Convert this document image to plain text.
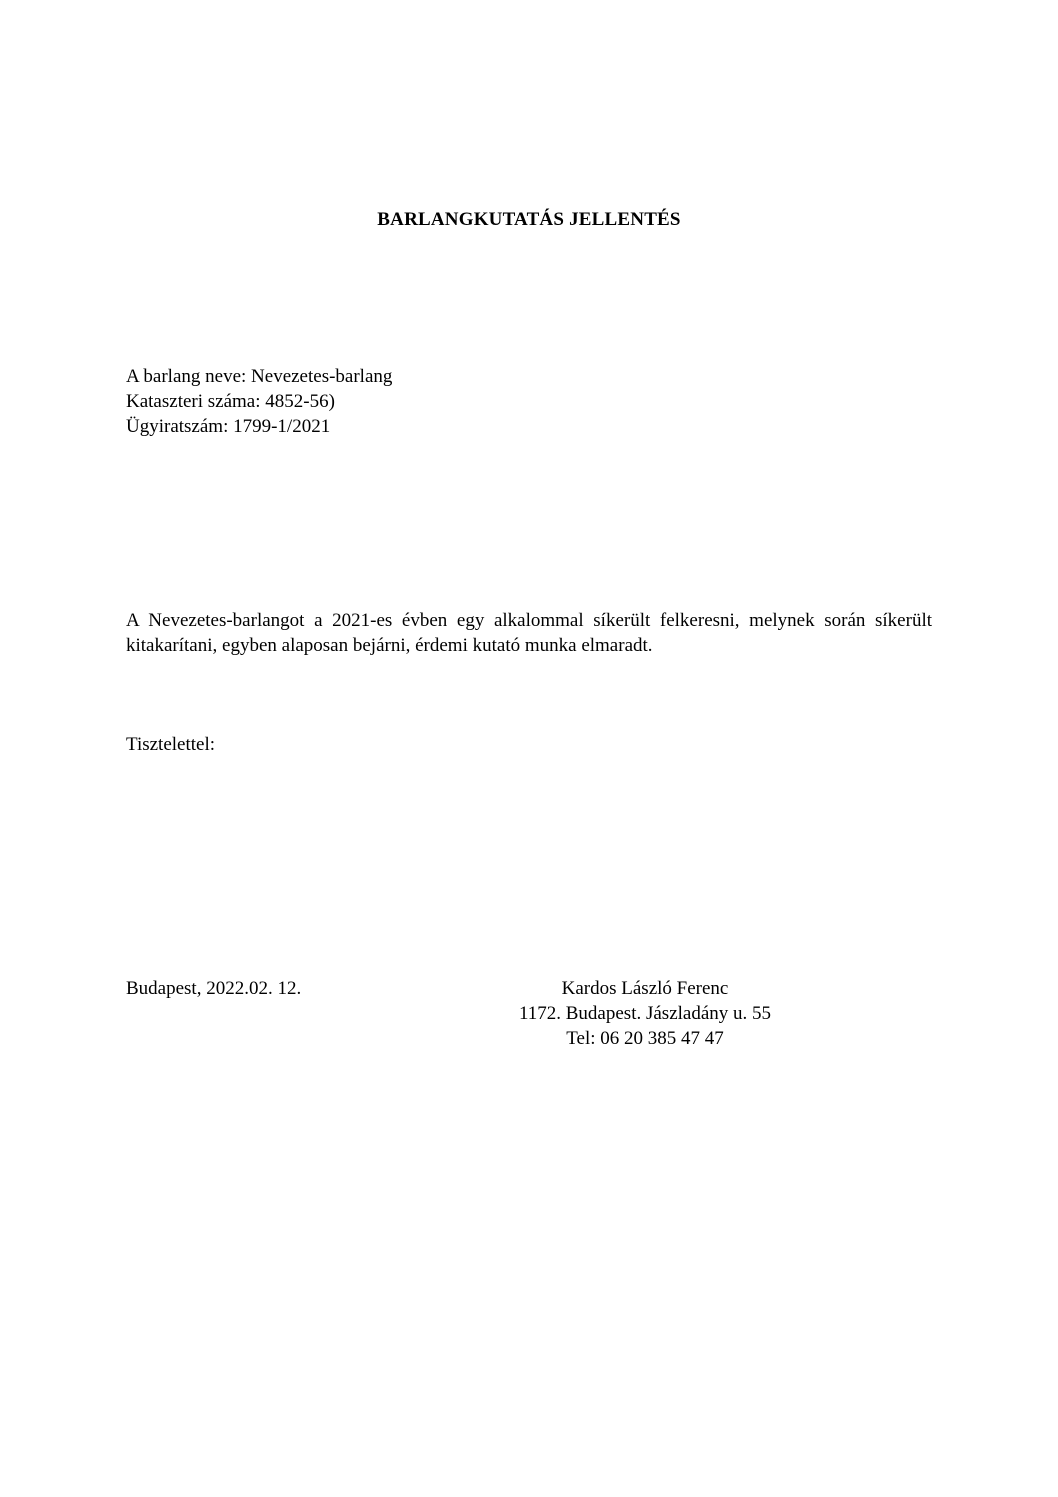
BARLANGKUTATÁS JELLENTÉS
A barlang neve: Nevezetes-barlang
Kataszteri száma: 4852-56)
Ügyiratszám: 1799-1/2021
A Nevezetes-barlangot a 2021-es évben egy alkalommal síkerült felkeresni, melynek során síkerült kitakarítani, egyben alaposan bejárni, érdemi kutató munka elmaradt.
Tisztelettel:
Budapest, 2022.02. 12.	Kardos László Ferenc
1172. Budapest. Jászladány u. 55
Tel: 06 20 385 47 47
